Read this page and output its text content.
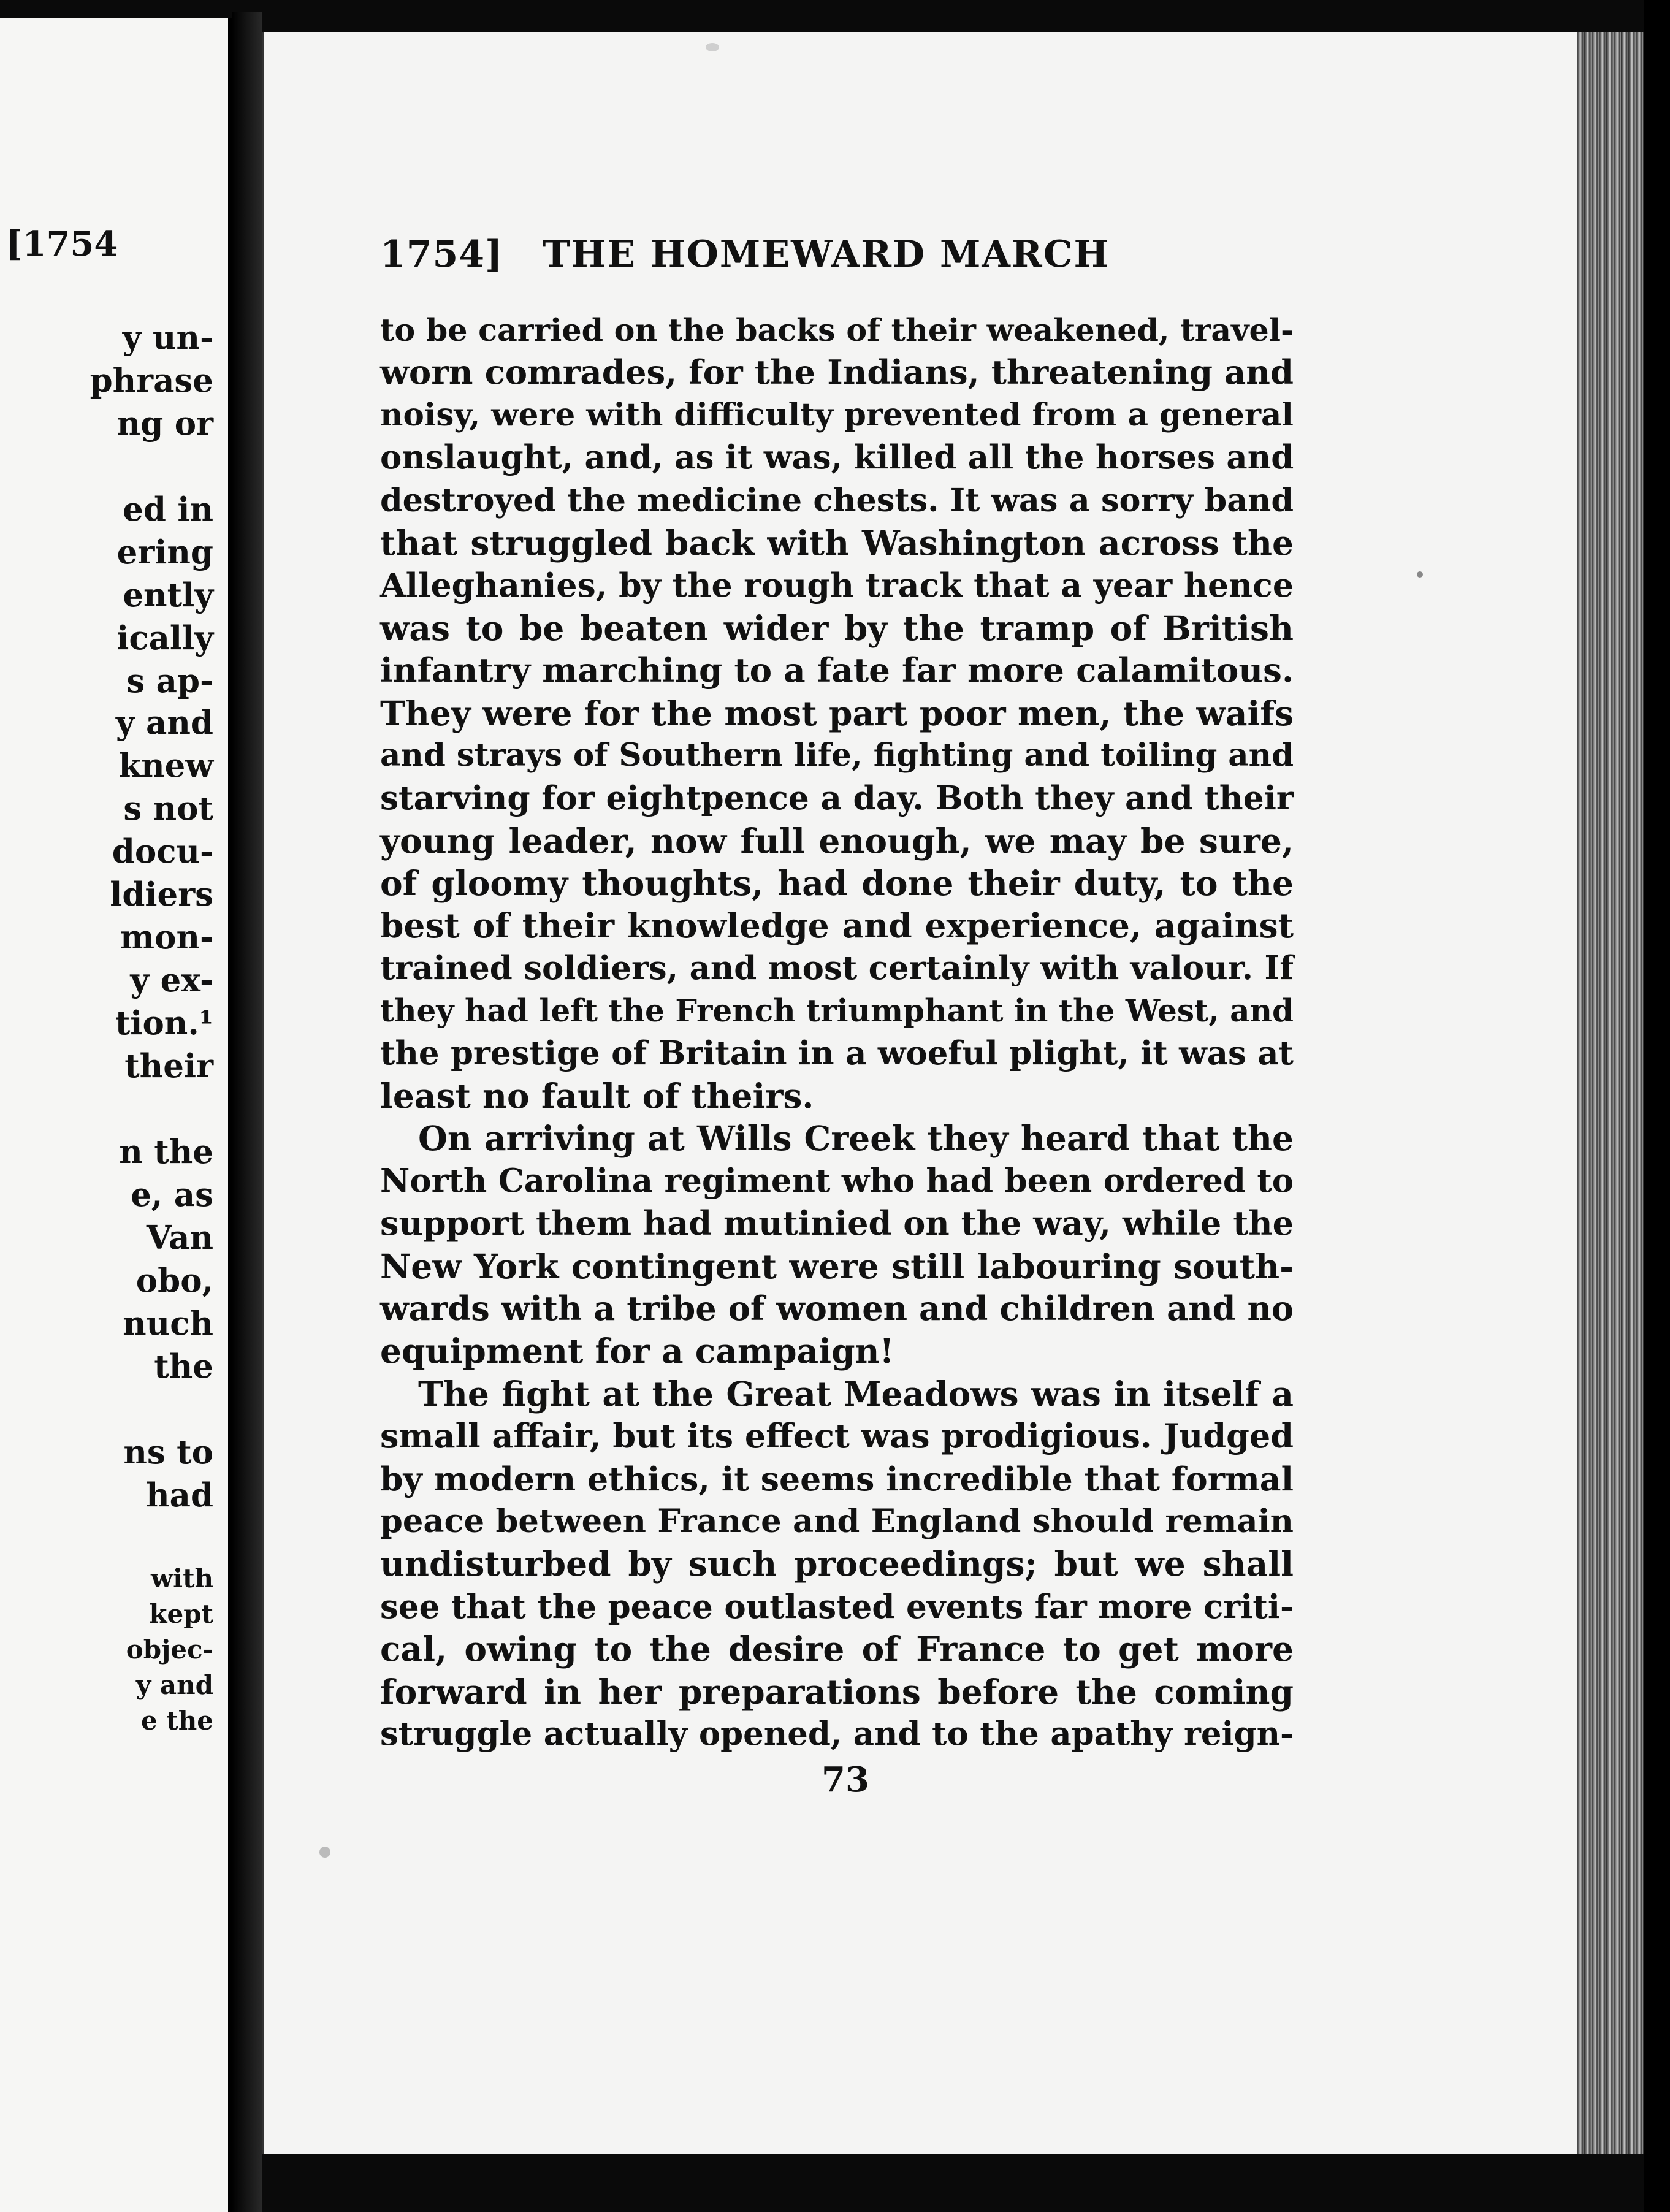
[1754
y un-
phrase
ng or
ed in
ering
ently
ically
s ap-
y and
knew
s not
docu-
ldiers
mon-
y ex-
tion.¹
their
n the
e, as
Van
obo,
nuch
the
ns to
had
with
kept
objec-
y and
e the
1754] THE HOMEWARD MARCH
to be carried on the backs of their weakened, travel-
worn comrades, for the Indians, threatening and
noisy, were with difficulty prevented from a general
onslaught, and, as it was, killed all the horses and
destroyed the medicine chests. It was a sorry band
that struggled back with Washington across the
Alleghanies, by the rough track that a year hence
was to be beaten wider by the tramp of British
infantry marching to a fate far more calamitous.
They were for the most part poor men, the waifs
and strays of Southern life, fighting and toiling and
starving for eightpence a day. Both they and their
young leader, now full enough, we may be sure,
of gloomy thoughts, had done their duty, to the
best of their knowledge and experience, against
trained soldiers, and most certainly with valour. If
they had left the French triumphant in the West, and
the prestige of Britain in a woeful plight, it was at
least no fault of theirs.
On arriving at Wills Creek they heard that the
North Carolina regiment who had been ordered to
support them had mutinied on the way, while the
New York contingent were still labouring south-
wards with a tribe of women and children and no
equipment for a campaign!
The fight at the Great Meadows was in itself a
small affair, but its effect was prodigious. Judged
by modern ethics, it seems incredible that formal
peace between France and England should remain
undisturbed by such proceedings; but we shall
see that the peace outlasted events far more criti-
cal, owing to the desire of France to get more
forward in her preparations before the coming
struggle actually opened, and to the apathy reign-
73
